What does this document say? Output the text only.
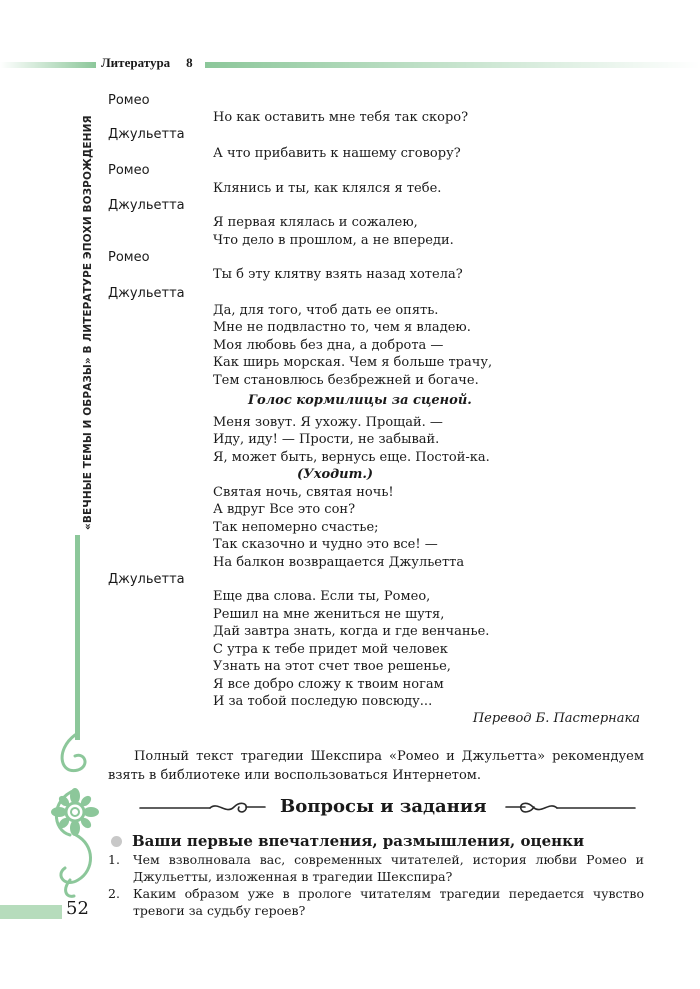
Литература 8
«ВЕЧНЫЕ ТЕМЫ И ОБРАЗЫ» В ЛИТЕРАТУРЕ ЭПОХИ ВОЗРОЖДЕНИЯ
52
Ромео
Но как оставить мне тебя так скоро?
Джульетта
А что прибавить к нашему сговору?
Ромео
Клянись и ты, как клялся я тебе.
Джульетта
Я первая клялась и сожалею,
Что дело в прошлом, а не впереди.
Ромео
Ты б эту клятву взять назад хотела?
Джульетта
Да, для того, чтоб дать ее опять.
Мне не подвластно то, чем я владею.
Моя любовь без дна, а доброта —
Как ширь морская. Чем я больше трачу,
Тем становлюсь безбрежней и богаче.
Голос кормилицы за сценой.
Меня зовут. Я ухожу. Прощай. —
Иду, иду! — Прости, не забывай.
Я, может быть, вернусь еще. Постой-ка.
(Уходит.)
Святая ночь, святая ночь!
А вдруг Все это сон?
Так непомерно счастье;
Так сказочно и чудно это все! —
На балкон возвращается Джульетта
Джульетта
Еще два слова. Если ты, Ромео,
Решил на мне жениться не шутя,
Дай завтра знать, когда и где венчанье.
С утра к тебе придет мой человек
Узнать на этот счет твое решенье,
Я все добро сложу к твоим ногам
И за тобой последую повсюду...
Перевод Б. Пастернака
Полный текст трагедии Шекспира «Ромео и Джульетта» рекомендуем взять в библиотеке или воспользоваться Интернетом.
Вопросы и задания
Ваши первые впечатления, размышления, оценки
1. Чем взволновала вас, современных читателей, история любви Ромео и Джульетты, изложенная в трагедии Шекспира?
2. Каким образом уже в прологе читателям трагедии передается чувство тревоги за судьбу героев?
